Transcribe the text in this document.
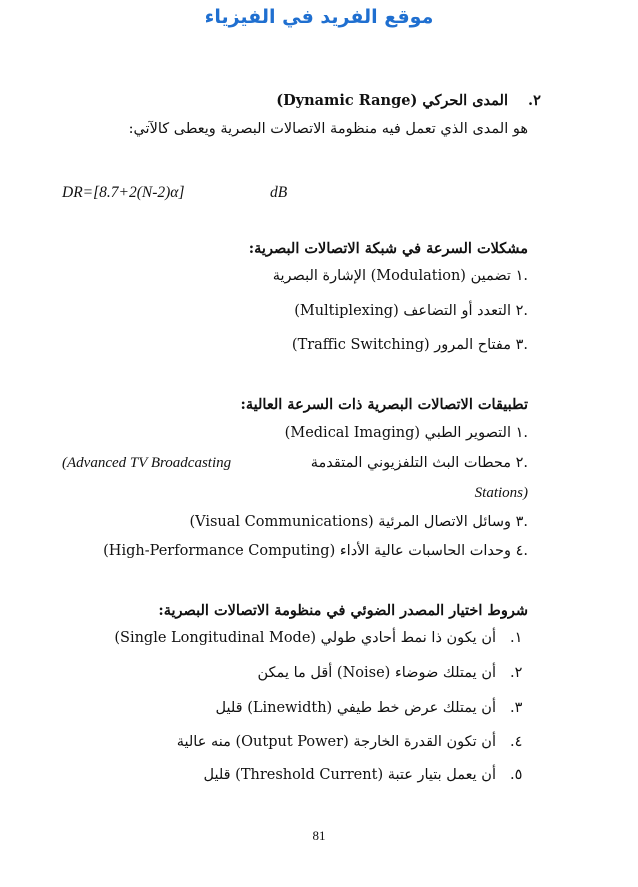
موقع الفريد في الفيزياء
.٢
المدى الحركي (Dynamic Range)
هو المدى الذي تعمل فيه منظومة الاتصالات البصرية ويعطى كالآتي:
DR=[8.7+2(N-2)α]	dB
مشكلات السرعة في شبكة الاتصالات البصرية:
.١ تضمين (Modulation) الإشارة البصرية
.٢ التعدد أو التضاعف (Multiplexing)
.٣ مفتاح المرور (Traffic Switching)
تطبيقات الاتصالات البصرية ذات السرعة العالية:
.١ التصوير الطبي (Medical Imaging)
.٢ محطات البث التلفزيوني المتقدمة
(Advanced TV Broadcasting
Stations)
.٣ وسائل الاتصال المرئية (Visual Communications)
.٤ وحدات الحاسبات عالية الأداء (High-Performance Computing)
شروط اختيار المصدر الضوئي في منظومة الاتصالات البصرية:
.١
أن يكون ذا نمط أحادي طولي (Single Longitudinal Mode)
.٢
أن يمتلك ضوضاء (Noise) أقل ما يمكن
.٣
أن يمتلك عرض خط طيفي (Linewidth) قليل
.٤
أن تكون القدرة الخارجة (Output Power) منه عالية
.٥
أن يعمل بتيار عتبة (Threshold Current) قليل
81
